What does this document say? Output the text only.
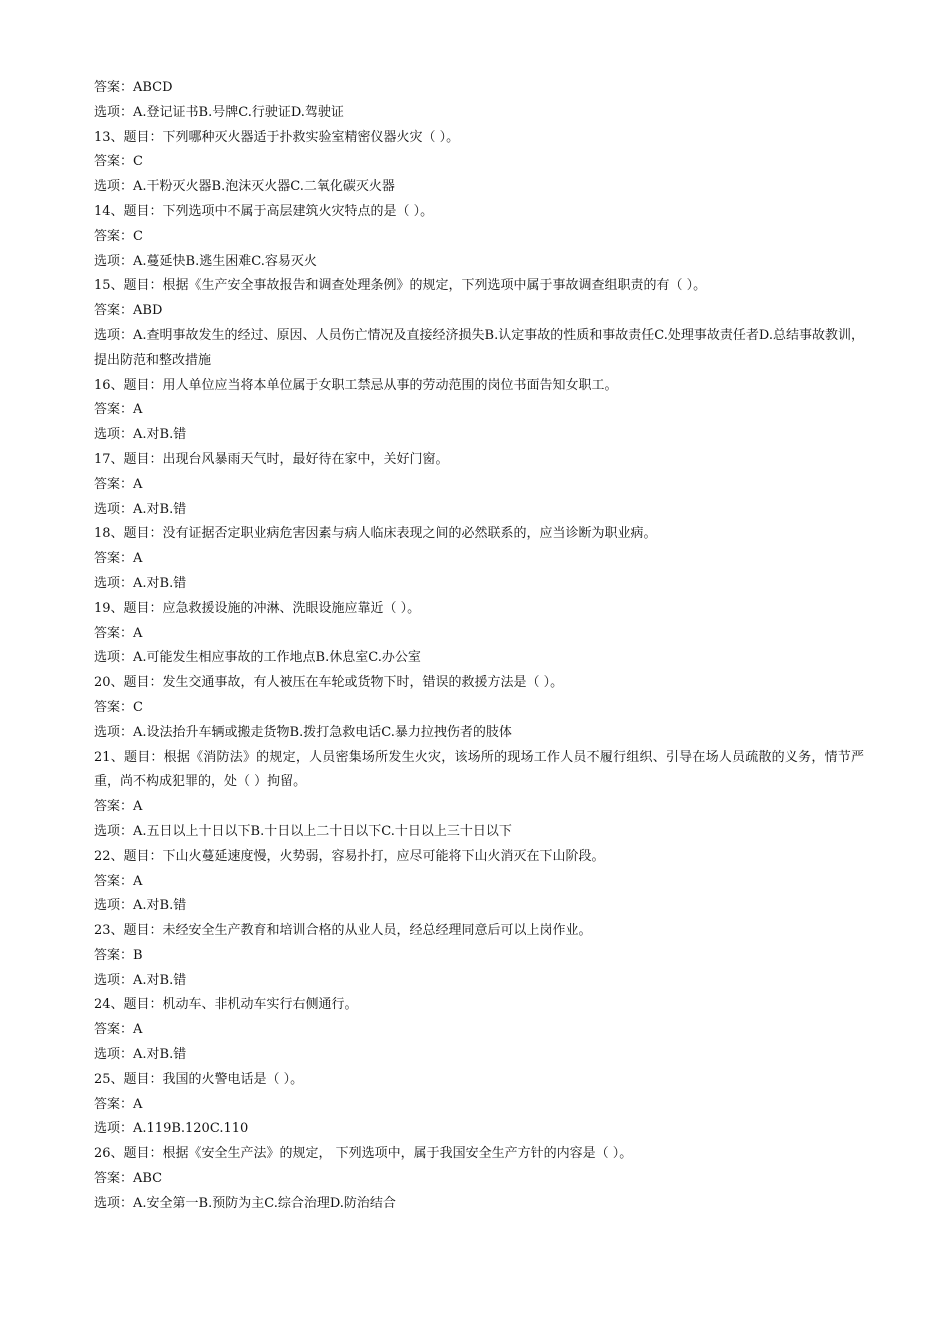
答案：ABCD
选项：A.登记证书B.号牌C.行驶证D.驾驶证
13、题目：下列哪种灭火器适于扑救实验室精密仪器火灾（ ）。
答案：C
选项：A.干粉灭火器B.泡沫灭火器C.二氧化碳灭火器
14、题目：下列选项中不属于高层建筑火灾特点的是（ ）。
答案：C
选项：A.蔓延快B.逃生困难C.容易灭火
15、题目：根据《生产安全事故报告和调查处理条例》的规定，下列选项中属于事故调查组职责的有（ ）。
答案：ABD
选项：A.查明事故发生的经过、原因、人员伤亡情况及直接经济损失B.认定事故的性质和事故责任C.处理事故责任者D.总结事故教训，提出防范和整改措施
16、题目：用人单位应当将本单位属于女职工禁忌从事的劳动范围的岗位书面告知女职工。
答案：A
选项：A.对B.错
17、题目：出现台风暴雨天气时，最好待在家中，关好门窗。
答案：A
选项：A.对B.错
18、题目：没有证据否定职业病危害因素与病人临床表现之间的必然联系的，应当诊断为职业病。
答案：A
选项：A.对B.错
19、题目：应急救援设施的冲淋、洗眼设施应靠近（ ）。
答案：A
选项：A.可能发生相应事故的工作地点B.休息室C.办公室
20、题目：发生交通事故，有人被压在车轮或货物下时，错误的救援方法是（ ）。
答案：C
选项：A.设法抬升车辆或搬走货物B.拨打急救电话C.暴力拉拽伤者的肢体
21、题目：根据《消防法》的规定，人员密集场所发生火灾，该场所的现场工作人员不履行组织、引导在场人员疏散的义务，情节严重，尚不构成犯罪的，处（ ）拘留。
答案：A
选项：A.五日以上十日以下B.十日以上二十日以下C.十日以上三十日以下
22、题目：下山火蔓延速度慢，火势弱，容易扑打，应尽可能将下山火消灭在下山阶段。
答案：A
选项：A.对B.错
23、题目：未经安全生产教育和培训合格的从业人员，经总经理同意后可以上岗作业。
答案：B
选项：A.对B.错
24、题目：机动车、非机动车实行右侧通行。
答案：A
选项：A.对B.错
25、题目：我国的火警电话是（ ）。
答案：A
选项：A.119B.120C.110
26、题目：根据《安全生产法》的规定， 下列选项中，属于我国安全生产方针的内容是（ ）。
答案：ABC
选项：A.安全第一B.预防为主C.综合治理D.防治结合
